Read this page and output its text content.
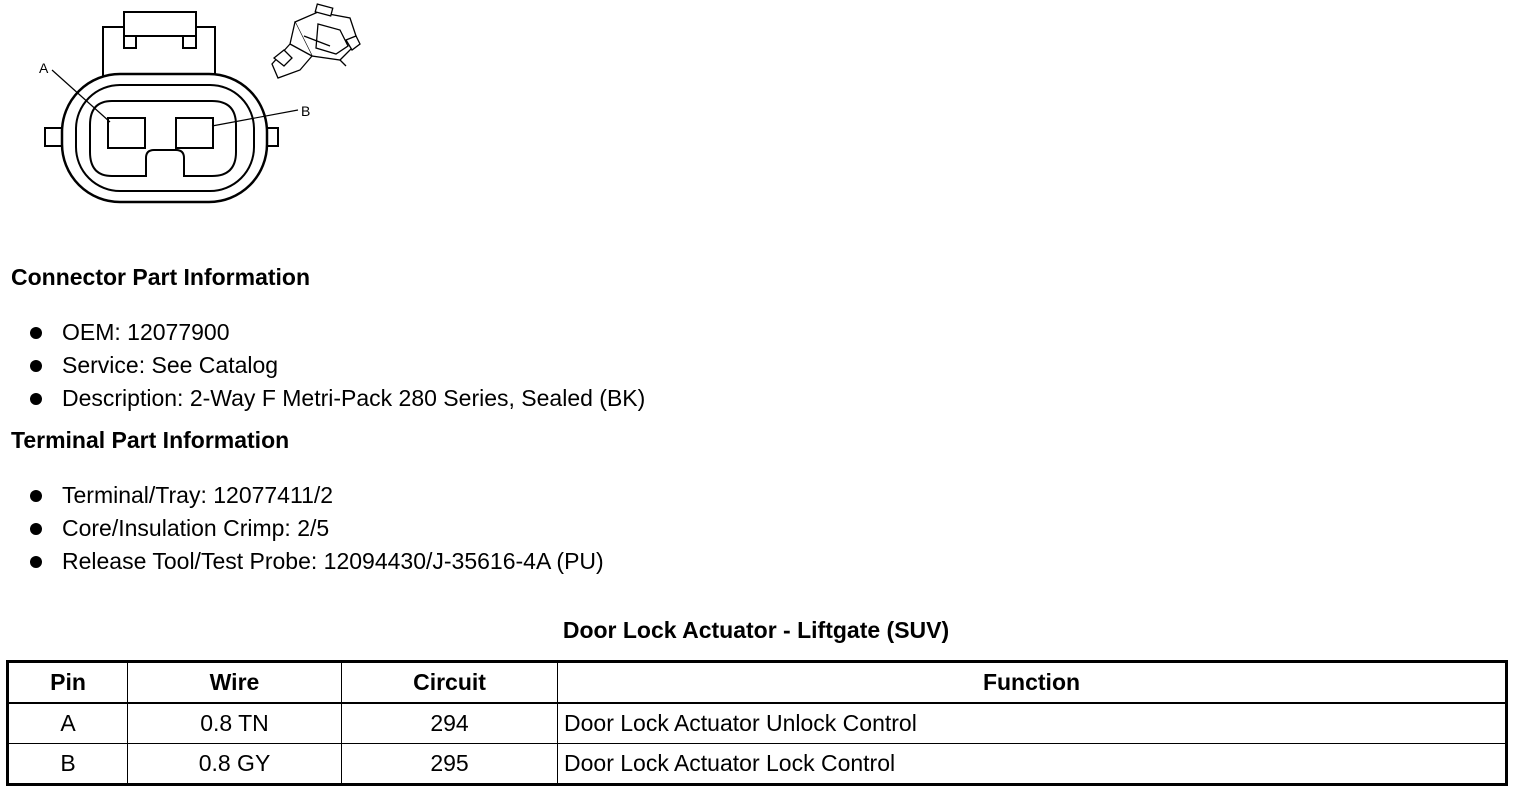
A
B
Connector Part Information
OEM: 12077900
Service: See Catalog
Description: 2-Way F Metri-Pack 280 Series, Sealed (BK)
Terminal Part Information
Terminal/Tray: 12077411/2
Core/Insulation Crimp: 2/5
Release Tool/Test Probe: 12094430/J-35616-4A (PU)
Door Lock Actuator - Liftgate (SUV)
Pin	Wire	Circuit	Function
A	0.8 TN	294	Door Lock Actuator Unlock Control
B	0.8 GY	295	Door Lock Actuator Lock Control
